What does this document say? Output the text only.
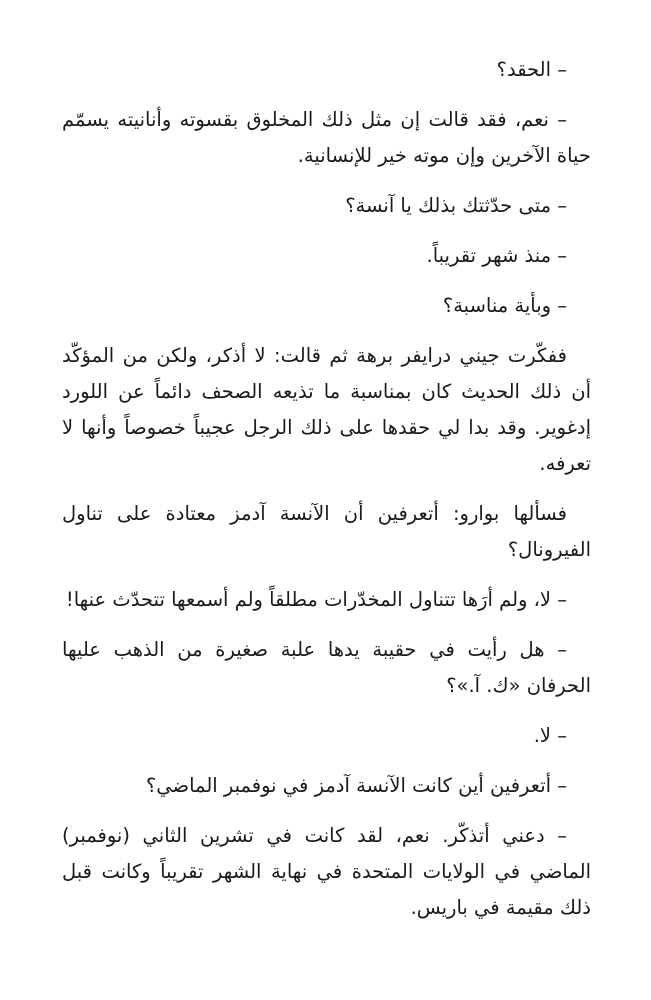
– الحقد؟

– نعم، فقد قالت إن مثل ذلك المخلوق بقسوته وأنانيته يسمّم حياة الآخرين وإن موته خير للإنسانية.

– متى حدّثتك بذلك يا آنسة؟

– منذ شهر تقريباً.

– وبأية مناسبة؟

ففكّرت جيني درايفر برهة ثم قالت: لا أذكر، ولكن من المؤكّد أن ذلك الحديث كان بمناسبة ما تذيعه الصحف دائماً عن اللورد إدغوير. وقد بدا لي حقدها على ذلك الرجل عجيباً خصوصاً وأنها لا تعرفه.

فسألها بوارو: أتعرفين أن الآنسة آدمز معتادة على تناول الفيرونال؟

– لا، ولم أرَها تتناول المخدّرات مطلقاً ولم أسمعها تتحدّث عنها!

– هل رأيت في حقيبة يدها علبة صغيرة من الذهب عليها الحرفان «ك. آ.»؟

– لا.

– أتعرفين أين كانت الآنسة آدمز في نوفمبر الماضي؟

– دعني أتذكّر. نعم، لقد كانت في تشرين الثاني (نوفمبر) الماضي في الولايات المتحدة في نهاية الشهر تقريباً وكانت قبل ذلك مقيمة في باريس.
